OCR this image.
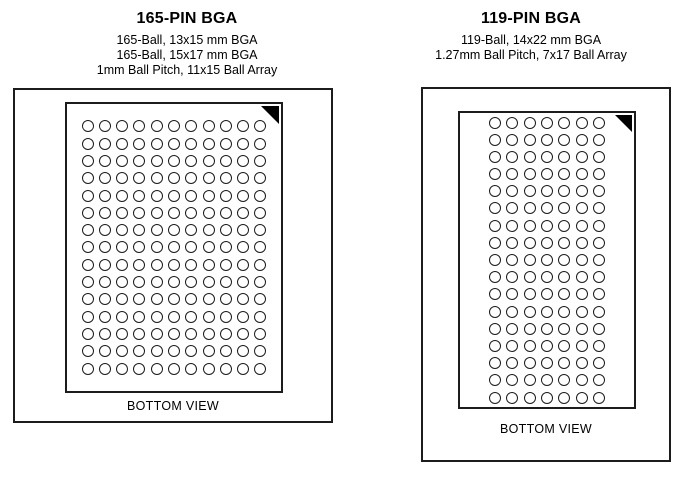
165-PIN BGA
165-Ball, 13x15 mm BGA
165-Ball, 15x17 mm BGA
1mm Ball Pitch, 11x15 Ball Array
BOTTOM VIEW
119-PIN BGA
119-Ball, 14x22 mm BGA
1.27mm Ball Pitch, 7x17 Ball Array
BOTTOM VIEW
